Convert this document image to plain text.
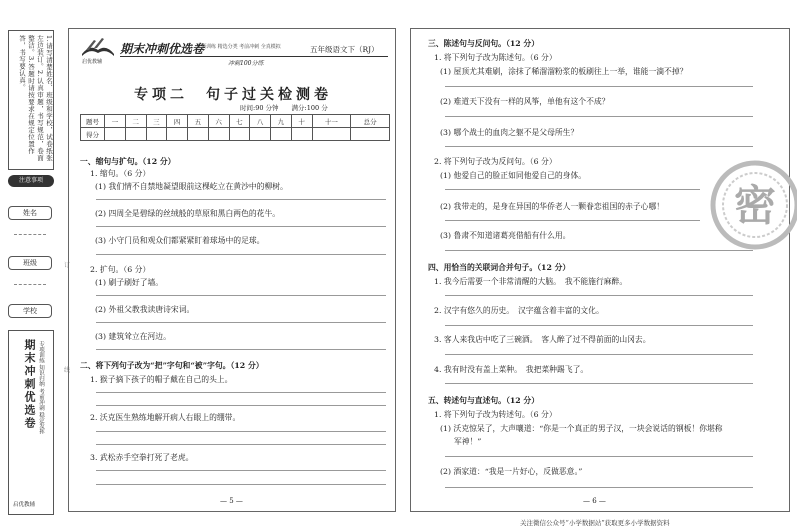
1.请写清楚姓名、班级和学校，试卷纸张左边装订。2.认真审题，书写规范，卷面整洁。3.答题时请按要求在规定位置作答，书写要认真。
注意事项
姓名
班级
学校
期末冲刺优选卷 专项训练 知识归纳 考前冲刺 稳定发挥
启优教辅
订
线
启优教辅
期末冲刺优选卷
专项训练 精选分类 考前冲刺 全真模拟	五年级语文下（RJ）
冲刺100分练
专项二　句子过关检测卷
时间:90 分钟　　满分:100 分
题号	一	二	三	四	五	六	七	八	九	十	十一	总分
得分												
一、缩句与扩句。（12 分）
1. 缩句。（6 分）
(1) 我们情不自禁地凝望眼前这棵屹立在黄沙中的柳树。
(2) 四周全是碧绿的丝绒般的草原和黑白两色的花牛。
(3) 小守门员和观众们都紧紧盯着球场中的足球。
2. 扩句。（6 分）
(1) 刷子刷好了墙。
(2) 外祖父教我读唐诗宋词。
(3) 建筑耸立在河边。
二、将下列句子改为“把”字句和“被”字句。（12 分）
1. 猴子摘下孩子的帽子戴在自己的头上。
2. 沃克医生熟练地解开病人右眼上的绷带。
3. 武松赤手空拳打死了老虎。
— 5 —
三、陈述句与反问句。（12 分）
1. 将下列句子改为陈述句。（6 分）
(1) 屋顶尤其难刷，涂抹了稀溜溜粉浆的板刷往上一举，谁能一滴不掉？
(2) 难道天下没有一样的风筝，单他有这个不成？
(3) 哪个战士的血肉之躯不是父母所生？
2. 将下列句子改为反问句。（6 分）
(1) 他爱自己的脸正如同他爱自己的身体。
(2) 我带走的，是身在异国的华侨老人一颗眷恋祖国的赤子心哪！
(3) 鲁肃不知道诸葛亮借船有什么用。
四、用恰当的关联词合并句子。（12 分）
1. 我今后需要一个非常清醒的大脑。　我不能施行麻醉。
2. 汉字有悠久的历史。　汉字蕴含着丰富的文化。
3. 客人来我店中吃了三碗酒。　客人醉了过不得前面的山冈去。
4. 我有时没有盖上菜种。　我把菜种踢飞了。
五、转述句与直述句。（12 分）
1. 将下列句子改为转述句。（6 分）
(1) 沃克惊呆了，大声嚷道：“你是一个真正的男子汉，一块会说话的钢板！你堪称
军神！”
(2) 酒家道：“我是一片好心，反做恶意。”
— 6 —
密
关注微信公众号“小学数据站”获取更多小学数据资料
